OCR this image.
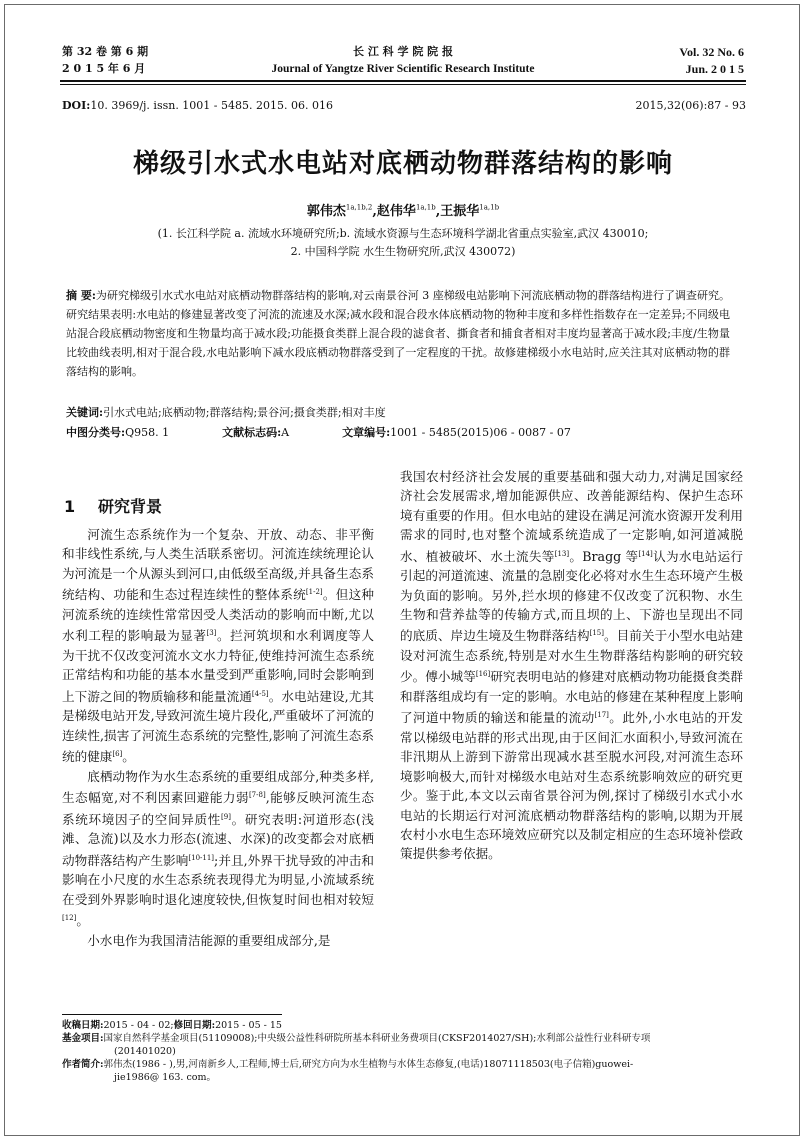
第 32 卷 第 6 期
2 0 1 5 年 6 月
长 江 科 学 院 院 报
Journal of Yangtze River Scientific Research Institute
Vol. 32 No. 6
Jun. 2 0 1 5
DOI:10. 3969/j. issn. 1001 - 5485. 2015. 06. 016	2015,32(06):87 - 93
梯级引水式水电站对底栖动物群落结构的影响
郭伟杰$^{1a,1b,2}$,赵伟华$^{1a,1b}$,王振华$^{1a,1b}$
(1. 长江科学院 a. 流域水环境研究所;b. 流域水资源与生态环境科学湖北省重点实验室,武汉 430010;
2. 中国科学院 水生生物研究所,武汉 430072)

摘 要:为研究梯级引水式水电站对底栖动物群落结构的影响,对云南景谷河 3 座梯级电站影响下河流底栖动物的群落结构进行了调查研究。研究结果表明:水电站的修建显著改变了河流的流速及水深;减水段和混合段水体底栖动物的物种丰度和多样性指数存在一定差异;不同级电站混合段底栖动物密度和生物量均高于减水段;功能摄食类群上混合段的滤食者、撕食者和捕食者相对丰度均显著高于减水段;丰度/生物量比较曲线表明,相对于混合段,水电站影响下减水段底栖动物群落受到了一定程度的干扰。故修建梯级小水电站时,应关注其对底栖动物的群落结构的影响。

关键词:引水式电站;底栖动物;群落结构;景谷河;摄食类群;相对丰度
中图分类号:Q958. 1	文献标志码:A	文章编号:1001 - 5485(2015)06 - 0087 - 07
1 研究背景

河流生态系统作为一个复杂、开放、动态、非平衡和非线性系统,与人类生活联系密切。河流连续统理论认为河流是一个从源头到河口,由低级至高级,并具备生态系统结构、功能和生态过程连续性的整体系统[1-2]。但这种河流系统的连续性常常因受人类活动的影响而中断,尤以水利工程的影响最为显著[3]。拦河筑坝和水利调度等人为干扰不仅改变河流水文水力特征,使维持河流生态系统正常结构和功能的基本水量受到严重影响,同时会影响到上下游之间的物质输移和能量流通[4-5]。水电站建设,尤其是梯级电站开发,导致河流生境片段化,严重破坏了河流的连续性,损害了河流生态系统的完整性,影响了河流生态系统的健康[6]。

底栖动物作为水生态系统的重要组成部分,种类多样,生态幅宽,对不利因素回避能力弱[7-8],能够反映河流生态系统环境因子的空间异质性[9]。研究表明:河道形态(浅滩、急流)以及水力形态(流速、水深)的改变都会对底栖动物群落结构产生影响[10-11];并且,外界干扰导致的冲击和影响在小尺度的水生态系统表现得尤为明显,小流域系统在受到外界影响时退化速度较快,但恢复时间也相对较短[12]。

小水电作为我国清洁能源的重要组成部分,是

我国农村经济社会发展的重要基础和强大动力,对满足国家经济社会发展需求,增加能源供应、改善能源结构、保护生态环境有重要的作用。但水电站的建设在满足河流水资源开发利用需求的同时,也对整个流域系统造成了一定影响,如河道减脱水、植被破坏、水土流失等[13]。Bragg 等[14]认为水电站运行引起的河道流速、流量的急剧变化必将对水生生态环境产生极为负面的影响。另外,拦水坝的修建不仅改变了沉积物、水生生物和营养盐等的传输方式,而且坝的上、下游也呈现出不同的底质、岸边生境及生物群落结构[15]。目前关于小型水电站建设对河流生态系统,特别是对水生生物群落结构影响的研究较少。傅小城等[16]研究表明电站的修建对底栖动物功能摄食类群和群落组成均有一定的影响。水电站的修建在某种程度上影响了河道中物质的输送和能量的流动[17]。此外,小水电站的开发常以梯级电站群的形式出现,由于区间汇水面积小,导致河流在非汛期从上游到下游常出现减水甚至脱水河段,对河流生态环境影响极大,而针对梯级水电站对生态系统影响效应的研究更少。鉴于此,本文以云南省景谷河为例,探讨了梯级引水式小水电站的长期运行对河流底栖动物群落结构的影响,以期为开展农村小水电生态环境效应研究以及制定相应的生态环境补偿政策提供参考依据。

收稿日期:2015 - 04 - 02;修回日期:2015 - 05 - 15
基金项目:国家自然科学基金项目(51109008);中央级公益性科研院所基本科研业务费项目(CKSF2014027/SH);水利部公益性行业科研专项
(201401020)
作者简介:郭伟杰(1986 - ),男,河南新乡人,工程师,博士后,研究方向为水生植物与水体生态修复,(电话)18071118503(电子信箱)guowei-
jie1986@ 163. com。
